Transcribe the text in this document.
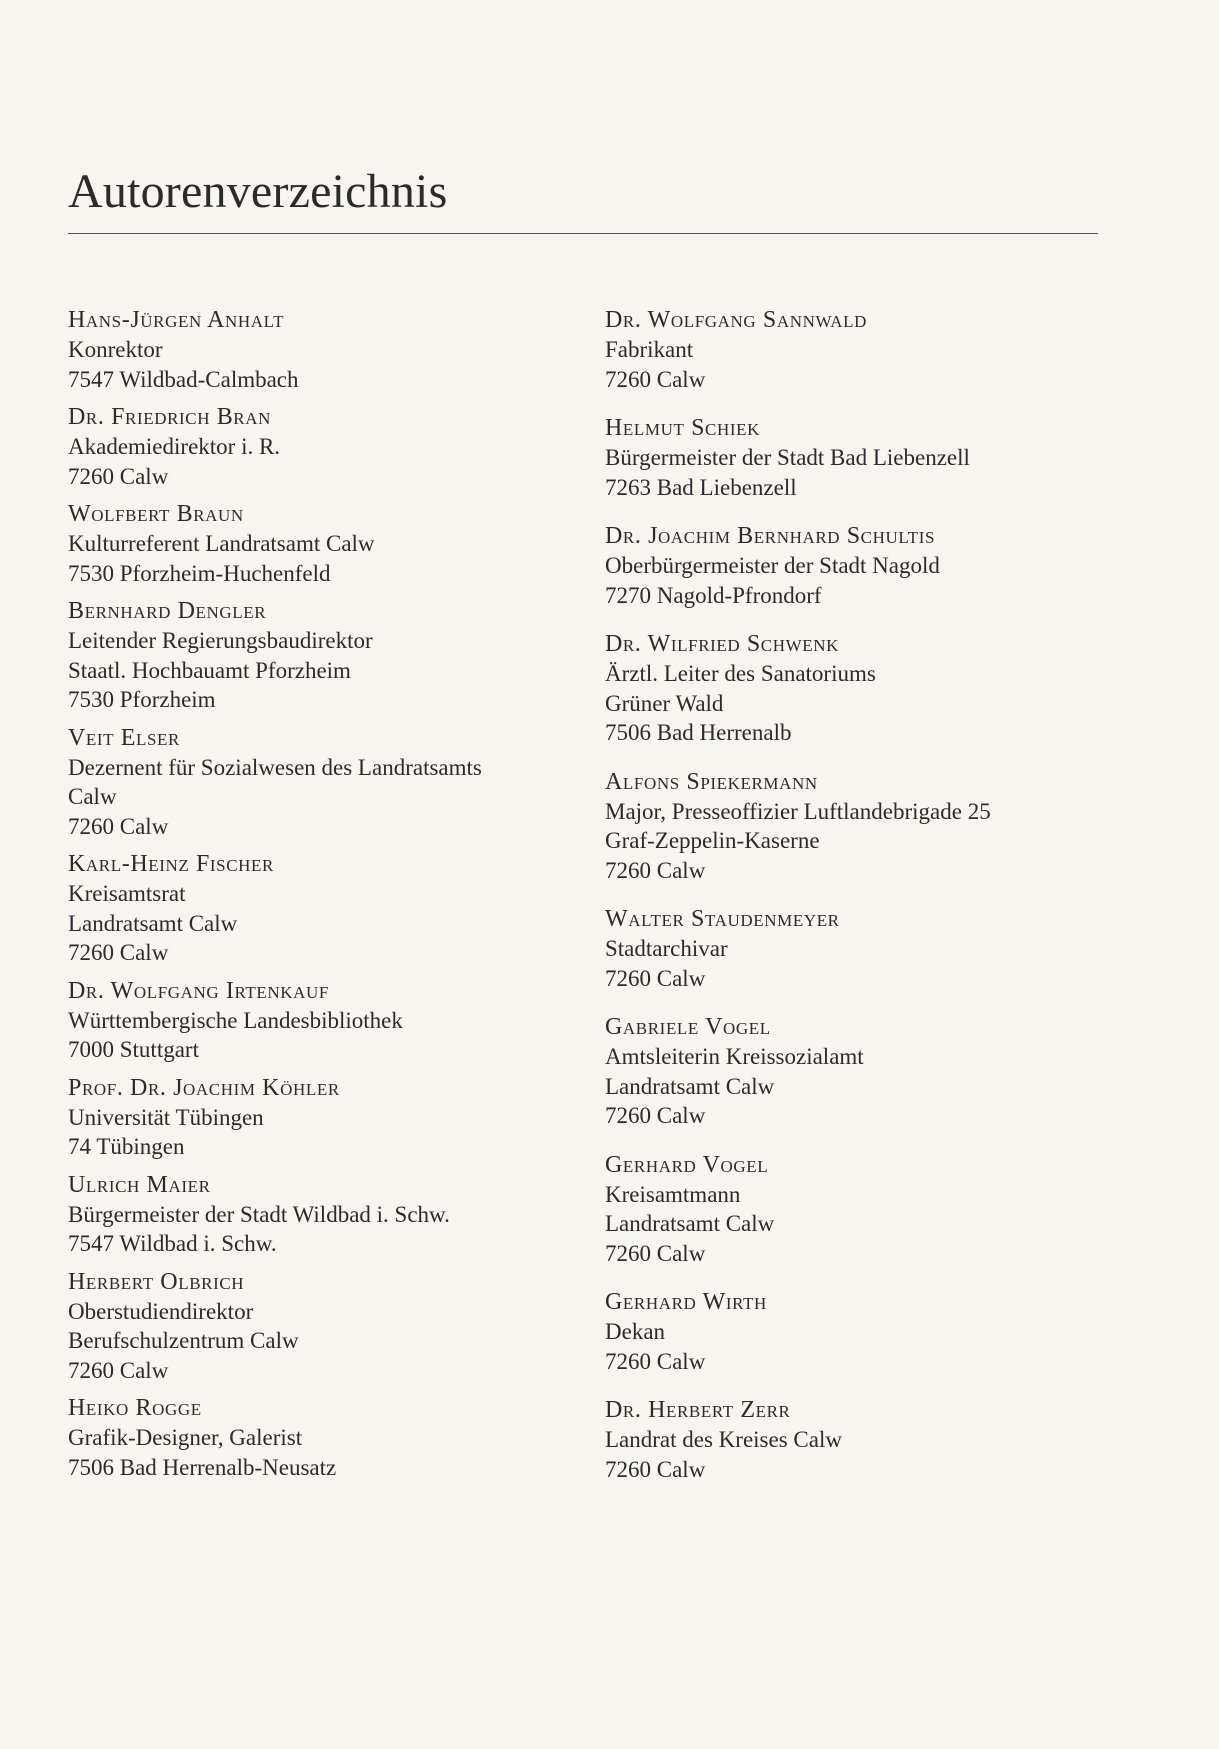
Autorenverzeichnis
Hans-Jürgen Anhalt
Konrektor
7547 Wildbad-Calmbach
Dr. Friedrich Bran
Akademiedirektor i. R.
7260 Calw
Wolfbert Braun
Kulturreferent Landratsamt Calw
7530 Pforzheim-Huchenfeld
Bernhard Dengler
Leitender Regierungsbaudirektor
Staatl. Hochbauamt Pforzheim
7530 Pforzheim
Veit Elser
Dezernent für Sozialwesen des Landratsamts
Calw
7260 Calw
Karl-Heinz Fischer
Kreisamtsrat
Landratsamt Calw
7260 Calw
Dr. Wolfgang Irtenkauf
Württembergische Landesbibliothek
7000 Stuttgart
Prof. Dr. Joachim Köhler
Universität Tübingen
74 Tübingen
Ulrich Maier
Bürgermeister der Stadt Wildbad i. Schw.
7547 Wildbad i. Schw.
Herbert Olbrich
Oberstudiendirektor
Berufschulzentrum Calw
7260 Calw
Heiko Rogge
Grafik-Designer, Galerist
7506 Bad Herrenalb-Neusatz
Dr. Wolfgang Sannwald
Fabrikant
7260 Calw
Helmut Schiek
Bürgermeister der Stadt Bad Liebenzell
7263 Bad Liebenzell
Dr. Joachim Bernhard Schultis
Oberbürgermeister der Stadt Nagold
7270 Nagold-Pfrondorf
Dr. Wilfried Schwenk
Ärztl. Leiter des Sanatoriums
Grüner Wald
7506 Bad Herrenalb
Alfons Spiekermann
Major, Presseoffizier Luftlandebrigade 25
Graf-Zeppelin-Kaserne
7260 Calw
Walter Staudenmeyer
Stadtarchivar
7260 Calw
Gabriele Vogel
Amtsleiterin Kreissozialamt
Landratsamt Calw
7260 Calw
Gerhard Vogel
Kreisamtmann
Landratsamt Calw
7260 Calw
Gerhard Wirth
Dekan
7260 Calw
Dr. Herbert Zerr
Landrat des Kreises Calw
7260 Calw
